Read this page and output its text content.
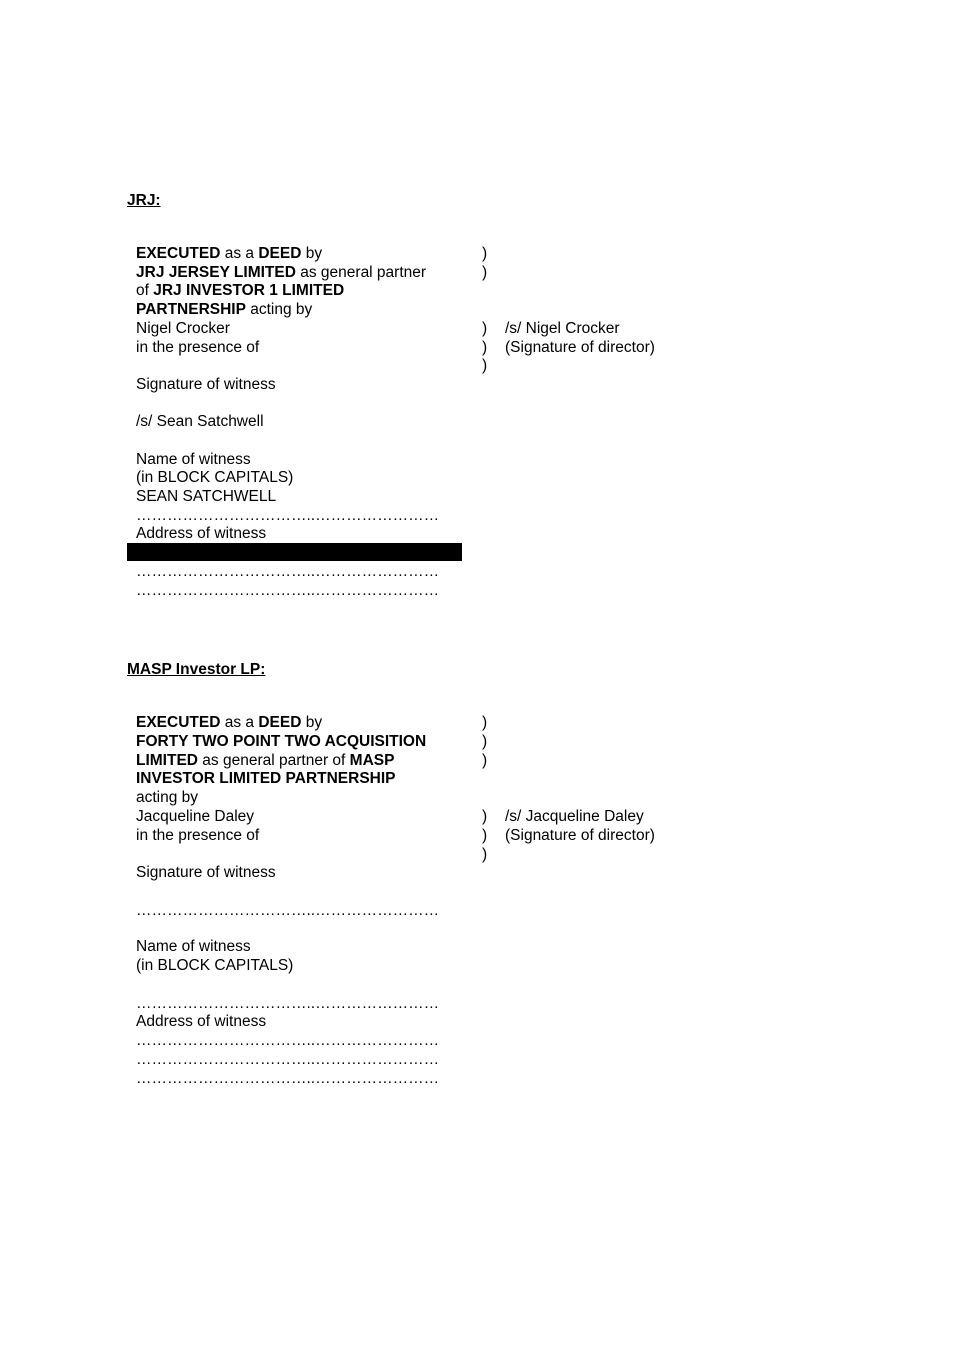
JRJ:
EXECUTED as a DEED by
JRJ JERSEY LIMITED as general partner
of JRJ INVESTOR 1 LIMITED
PARTNERSHIP acting by
Nigel Crocker
in the presence of
Signature of witness
/s/ Sean Satchwell
Name of witness
(in BLOCK CAPITALS)
SEAN SATCHWELL
……………………………..……………………
Address of witness
……………………………..……………………
……………………………..……………………
)
)
)
)
)
/s/ Nigel Crocker
(Signature of director)
MASP Investor LP:
EXECUTED as a DEED by
FORTY TWO POINT TWO ACQUISITION
LIMITED as general partner of MASP
INVESTOR LIMITED PARTNERSHIP
acting by
Jacqueline Daley
in the presence of
Signature of witness
……………………………..……………………
Name of witness
(in BLOCK CAPITALS)
……………………………..……………………
Address of witness
……………………………..……………………
……………………………..……………………
……………………………..……………………
)
)
)
)
)
)
/s/ Jacqueline Daley
(Signature of director)
